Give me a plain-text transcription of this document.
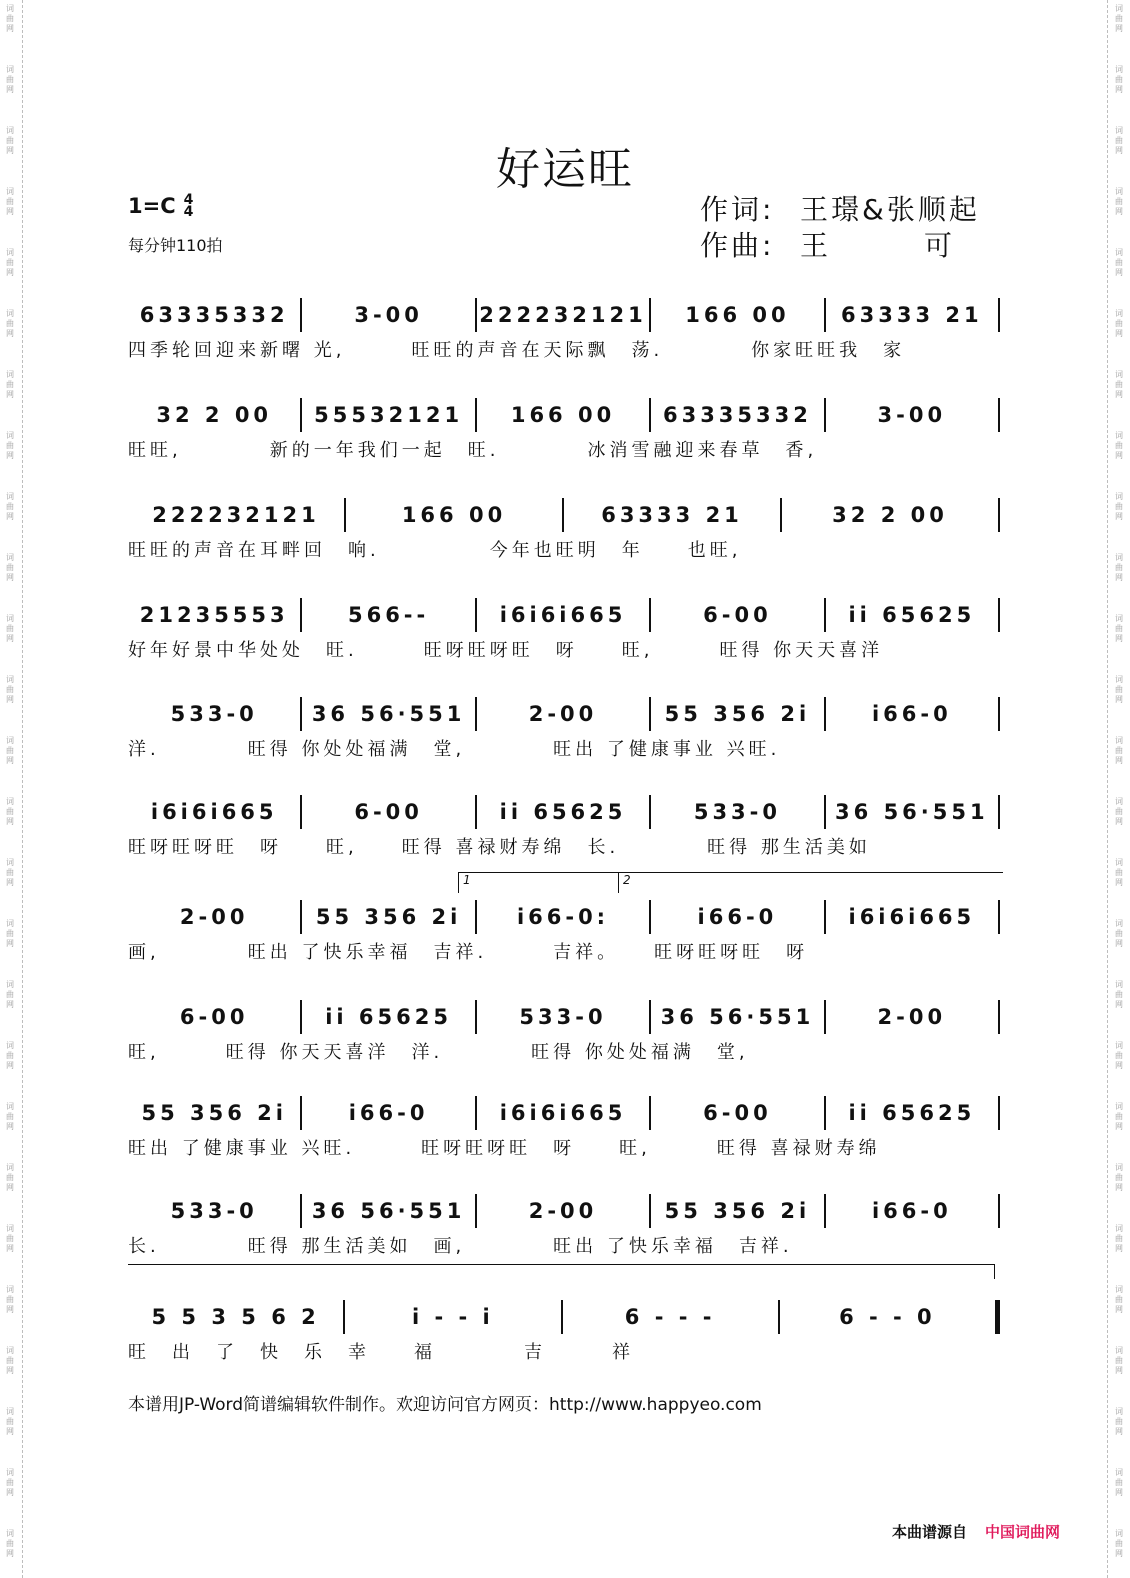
词曲网
词曲网
词曲网
词曲网
词曲网
词曲网
词曲网
词曲网
词曲网
词曲网
词曲网
词曲网
词曲网
词曲网
词曲网
词曲网
词曲网
词曲网
词曲网
词曲网
词曲网
词曲网
词曲网
词曲网
词曲网
词曲网
词曲网
词曲网
词曲网
词曲网
词曲网
词曲网
词曲网
词曲网
词曲网
词曲网
词曲网
词曲网
词曲网
词曲网
词曲网
词曲网
词曲网
词曲网
词曲网
词曲网
词曲网
词曲网
词曲网
词曲网
词曲网
词曲网
好运旺
1=C 4
4
每分钟110拍
作词: 王璟&张顺起
作曲: 王　　　可
63335332	3-00	222232121	166 00	63333 21
四季轮回迎来新曙 光,　　　旺旺的声音在天际飘　荡.　　　　你家旺旺我　家
32 2 00	55532121	166 00	63335332	3-00
旺旺,　　　　新的一年我们一起　旺.　　　　冰消雪融迎来春草　香,
222232121	166 00	63333 21	32 2 00
旺旺的声音在耳畔回　响.　　　　　今年也旺明　年　　也旺,
21235553	566--	i6i6i665	6-00	ii 65625
好年好景中华处处　旺.　　　旺呀旺呀旺　呀　　旺,　　　旺得 你天天喜洋
533-0	36 56·551	2-00	55 356 2i	i66-0
洋.　　　　旺得 你处处福满　堂,　　　　旺出 了健康事业 兴旺.
i6i6i665	6-00	ii 65625	533-0	36 56·551
旺呀旺呀旺　呀　　旺,　　旺得 喜禄财寿绵　长.　　　　旺得 那生活美如
2-00	55 356 2i	i66-0:	i66-0	i6i6i665
画,　　　　旺出 了快乐幸福　吉祥.　　　吉祥。　　旺呀旺呀旺　呀
1	2
6-00	ii 65625	533-0	36 56·551	2-00
旺,　　　旺得 你天天喜洋　洋.　　　　旺得 你处处福满　堂,
55 356 2i	i66-0	i6i6i665	6-00	ii 65625
旺出 了健康事业 兴旺.　　　旺呀旺呀旺　呀　　旺,　　　旺得 喜禄财寿绵
533-0	36 56·551	2-00	55 356 2i	i66-0
长.　　　　旺得 那生活美如　画,　　　　旺出 了快乐幸福　吉祥.
5 5 3 5 6 2	i - - i	6 - - -	6 - - 0
旺　出　了　快　乐　幸　　福　　　　吉　　　祥
本谱用JP-Word简谱编辑软件制作。欢迎访问官方网页：http://www.happyeo.com
本曲谱源自 中国词曲网
